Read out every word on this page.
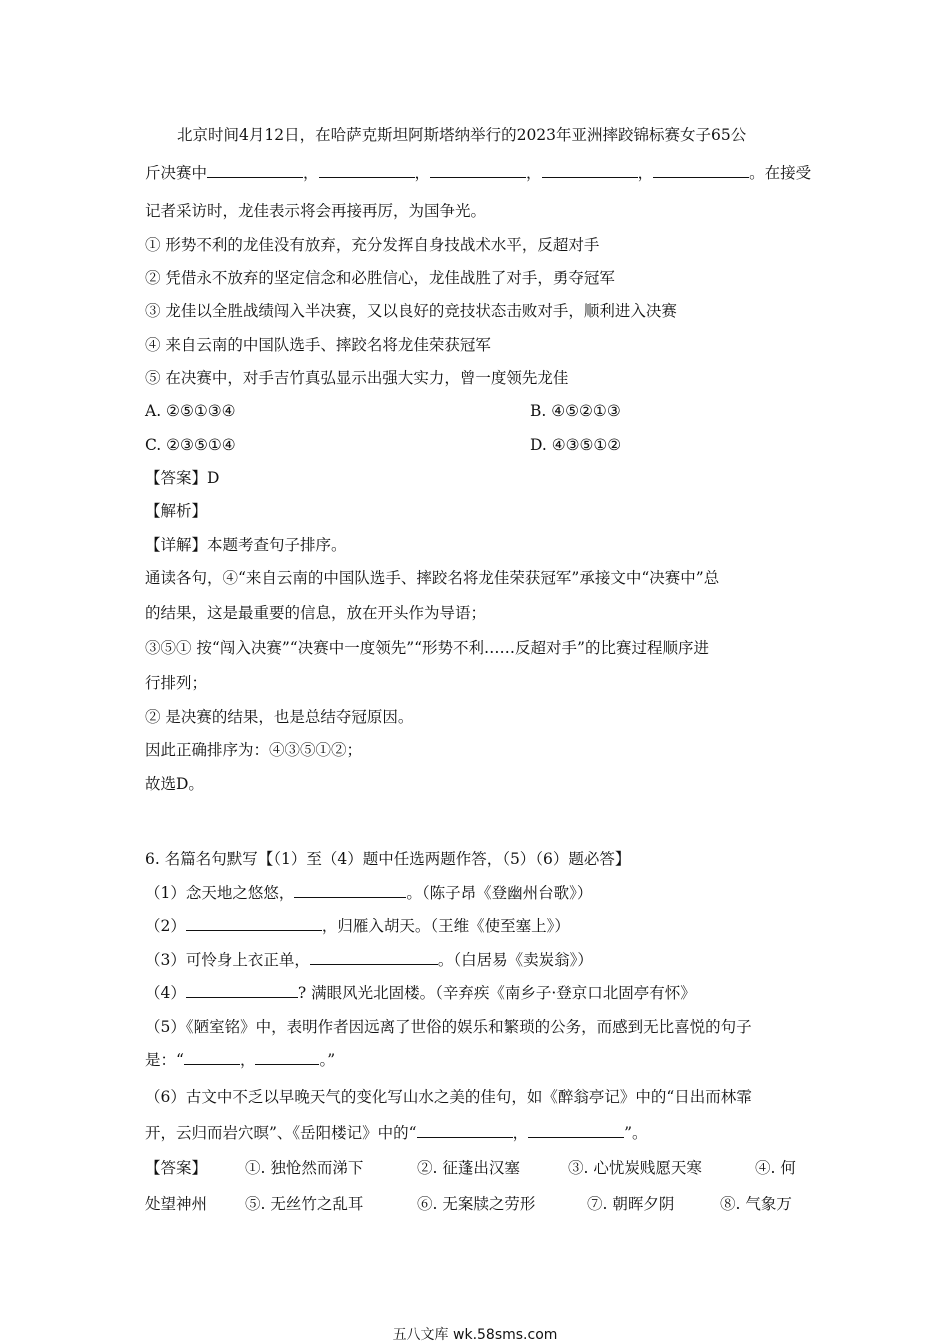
北京时间4月12日，在哈萨克斯坦阿斯塔纳举行的2023年亚洲摔跤锦标赛女子65公
斤决赛中	，	，	，	，	。在接受
记者采访时，龙佳表示将会再接再厉，为国争光。
① 形势不利的龙佳没有放弃，充分发挥自身技战术水平，反超对手
② 凭借永不放弃的坚定信念和必胜信心，龙佳战胜了对手，勇夺冠军
③ 龙佳以全胜战绩闯入半决赛，又以良好的竞技状态击败对手，顺利进入决赛
④ 来自云南的中国队选手、摔跤名将龙佳荣获冠军
⑤ 在决赛中，对手吉竹真弘显示出强大实力，曾一度领先龙佳
A. ②⑤①③④	B. ④⑤②①③
C. ②③⑤①④	D. ④③⑤①②
【答案】D
【解析】
【详解】本题考查句子排序。
通读各句，④“来自云南的中国队选手、摔跤名将龙佳荣获冠军”承接文中“决赛中”总
的结果，这是最重要的信息，放在开头作为导语；
③⑤① 按“闯入决赛”“决赛中一度领先”“形势不利……反超对手”的比赛过程顺序进
行排列；
② 是决赛的结果，也是总结夺冠原因。
因此正确排序为：④③⑤①②；
故选D。
6. 名篇名句默写【（1）至（4）题中任选两题作答，（5）（6）题必答】
（1）念天地之悠悠，	。（陈子昂《登幽州台歌》）
（2）	，归雁入胡天。（王维《使至塞上》）
（3）可怜身上衣正单，	。（白居易《卖炭翁》）
（4）	? 满眼风光北固楼。（辛弃疾《南乡子·登京口北固亭有怀》
（5）《陋室铭》中，表明作者因远离了世俗的娱乐和繁琐的公务，而感到无比喜悦的句子
是：“	，	。”
（6）古文中不乏以早晚天气的变化写山水之美的佳句，如《醉翁亭记》中的“日出而林霏
开，云归而岩穴暝”、《岳阳楼记》中的“	，	”。
【答案】 ①. 独怆然而涕下	②. 征蓬出汉塞	③. 心忧炭贱愿天寒	④. 何
处望神州 ⑤. 无丝竹之乱耳	⑥. 无案牍之劳形	⑦. 朝晖夕阴	⑧. 气象万
五八文库 wk.58sms.com
